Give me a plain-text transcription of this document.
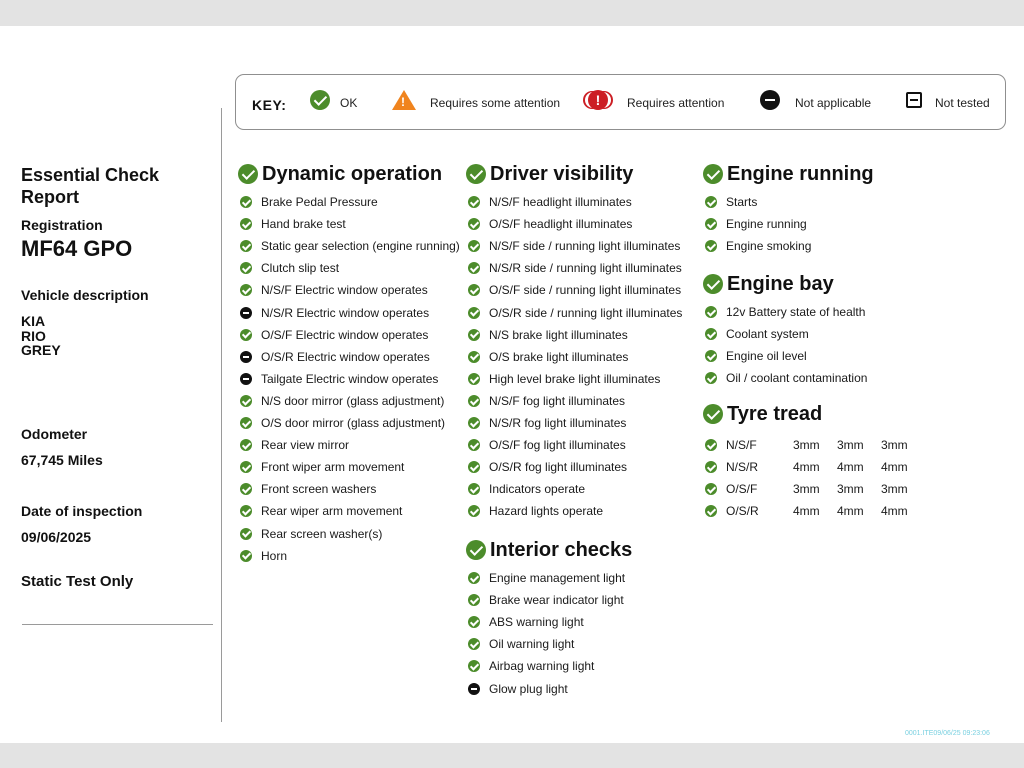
KEY:	OK
!	Requires some attention	!	Requires attention	Not applicable	Not tested
Essential Check Report
Registration
MF64 GPO
Vehicle description
KIA
RIO
GREY
Odometer
67,745 Miles
Date of inspection
09/06/2025
Static Test Only
Dynamic operation
Brake Pedal Pressure
Hand brake test
Static gear selection (engine running)
Clutch slip test
N/S/F Electric window operates
N/S/R Electric window operates
O/S/F Electric window operates
O/S/R Electric window operates
Tailgate Electric window operates
N/S door mirror (glass adjustment)
O/S door mirror (glass adjustment)
Rear view mirror
Front wiper arm movement
Front screen washers
Rear wiper arm movement
Rear screen washer(s)
Horn
Driver visibility
N/S/F headlight illuminates
O/S/F headlight illuminates
N/S/F side / running light illuminates
N/S/R side / running light illuminates
O/S/F side / running light illuminates
O/S/R side / running light illuminates
N/S brake light illuminates
O/S brake light illuminates
High level brake light illuminates
N/S/F fog light illuminates
N/S/R fog light illuminates
O/S/F fog light illuminates
O/S/R fog light illuminates
Indicators operate
Hazard lights operate
Interior checks
Engine management light
Brake wear indicator light
ABS warning light
Oil warning light
Airbag warning light
Glow plug light
Engine running
Starts
Engine running
Engine smoking
Engine bay
12v Battery state of health
Coolant system
Engine oil level
Oil / coolant contamination
Tyre tread
N/S/F	3mm	3mm	3mm
N/S/R	4mm	4mm	4mm
O/S/F	3mm	3mm	3mm
O/S/R	4mm	4mm	4mm
0001.ITE09/06/25 09:23:06
